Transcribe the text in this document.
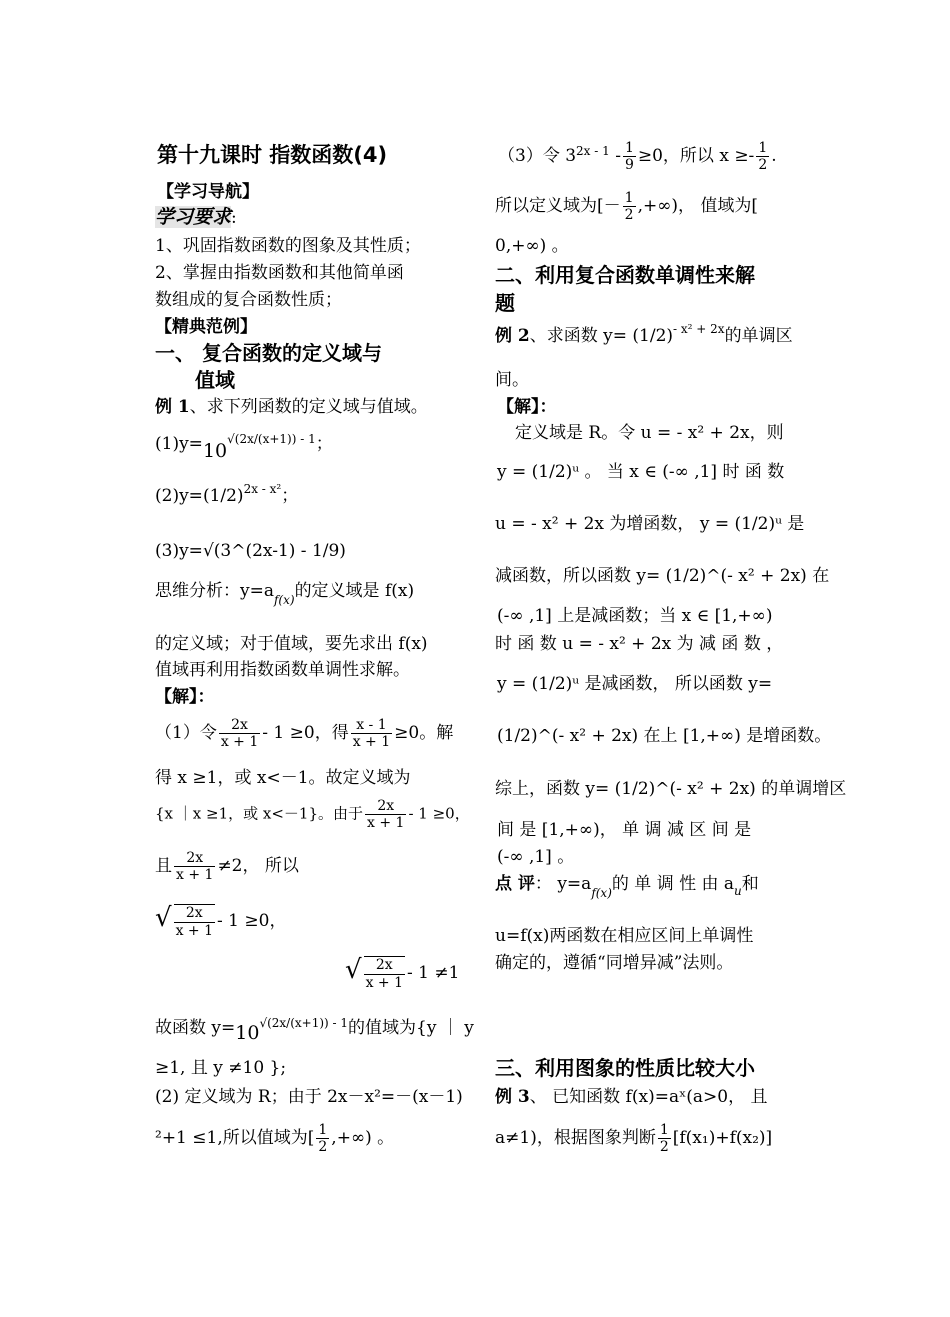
第十九课时 指数函数(4)
【学习导航】
学习要求:
1、巩固指数函数的图象及其性质；
2、掌握由指数函数和其他简单函
数组成的复合函数性质；
【精典范例】
一、 复合函数的定义域与
值域
例 1、求下列函数的定义域与值域。
$(1)y=10^{√(2x/(x+1)) - 1}$；
$(2)y=(1/2)^{2x - x^2}$；
(3)y=√(3^(2x-1) - 1/9)
思维分析：$y=a_{f(x)}$的定义域是 f(x)
的定义域；对于值域，要先求出 f(x)
值域再利用指数函数单调性求解。
【解】：
（1）令 $\frac{2x}{x + 1} - 1 \ge 0$，得 $\frac{x - 1}{x + 1} \ge 0$。解
得 x ≥1，或 x<－1。故定义域为
{x ｜x ≥1，或 x<－1}。由于 $\frac{2x}{x + 1} - 1 \ge 0$，
且 $\frac{2x}{x + 1} \ne 2$， 所以
√ $\frac{2x}{x + 1} - 1 \ge 0$，
√ $\frac{2x}{x + 1} - 1 \ne 1$
故函数 $y=10^{√(2x/(x+1)) - 1}$的值域为{y ｜ y
≥1, 且 y ≠10 };
(2) 定义域为 R；由于 2x－x²=－(x－1)
²+1 ≤1,所以值域为[ $\frac{1}{2}$ ,+∞) 。
（3）令 $3^{2x - 1} - \frac{1}{9} \ge 0$，所以 $x \ge- \frac{1}{2}$ .
所以定义域为[－ $\frac{1}{2}$ ,+∞)， 值域为[
0,+∞) 。
二、利用复合函数单调性来解
题
例 2、求函数 $y= (1/2)^{- x^2 + 2x}$的单调区
间。
【解】：
定义域是 R。令 u = - x² + 2x，则
y = (1/2)ᵘ 。 当 x ∈ (-∞ ,1] 时 函 数
u = - x² + 2x 为增函数， y = (1/2)ᵘ 是
减函数，所以函数 y= (1/2)^(- x² + 2x) 在
(-∞ ,1] 上是减函数；当 x ∈ [1,+∞)
时 函 数 u = - x² + 2x 为 减 函 数 ，
y = (1/2)ᵘ 是减函数， 所以函数 y=
(1/2)^(- x² + 2x) 在上 [1,+∞) 是增函数。
综上，函数 y= (1/2)^(- x² + 2x) 的单调增区
间 是 [1,+∞)， 单 调 减 区 间 是
(-∞ ,1] 。
点 评： $y=a_{f(x)}$的 单 调 性 由 $a_u$和
u=f(x)两函数在相应区间上单调性
确定的，遵循“同增异减”法则。
三、利用图象的性质比较大小
例 3、 已知函数 f(x)=aˣ(a>0， 且
a≠1)，根据图象判断 $\frac{1}{2} [f(x_1)+f(x_2)]$
